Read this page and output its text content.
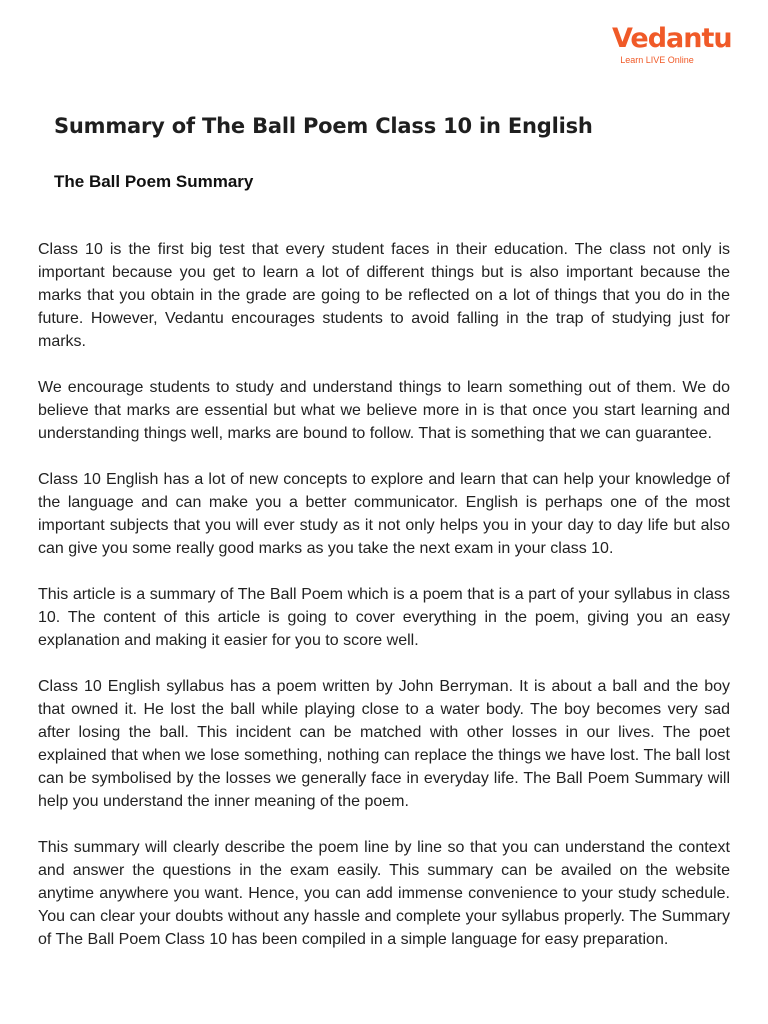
Vedantu
Learn LIVE Online
Summary of The Ball Poem Class 10 in English
The Ball Poem Summary

Class 10 is the first big test that every student faces in their education. The class not only is important because you get to learn a lot of different things but is also important because the marks that you obtain in the grade are going to be reflected on a lot of things that you do in the future. However, Vedantu encourages students to avoid falling in the trap of studying just for marks.

We encourage students to study and understand things to learn something out of them. We do believe that marks are essential but what we believe more in is that once you start learning and understanding things well, marks are bound to follow. That is something that we can guarantee.

Class 10 English has a lot of new concepts to explore and learn that can help your knowledge of the language and can make you a better communicator. English is perhaps one of the most important subjects that you will ever study as it not only helps you in your day to day life but also can give you some really good marks as you take the next exam in your class 10.

This article is a summary of The Ball Poem which is a poem that is a part of your syllabus in class 10. The content of this article is going to cover everything in the poem, giving you an easy explanation and making it easier for you to score well.

Class 10 English syllabus has a poem written by John Berryman. It is about a ball and the boy that owned it. He lost the ball while playing close to a water body. The boy becomes very sad after losing the ball. This incident can be matched with other losses in our lives. The poet explained that when we lose something, nothing can replace the things we have lost. The ball lost can be symbolised by the losses we generally face in everyday life. The Ball Poem Summary will help you understand the inner meaning of the poem.

This summary will clearly describe the poem line by line so that you can understand the context and answer the questions in the exam easily. This summary can be availed on the website anytime anywhere you want. Hence, you can add immense convenience to your study schedule. You can clear your doubts without any hassle and complete your syllabus properly. The Summary of The Ball Poem Class 10 has been compiled in a simple language for easy preparation.
